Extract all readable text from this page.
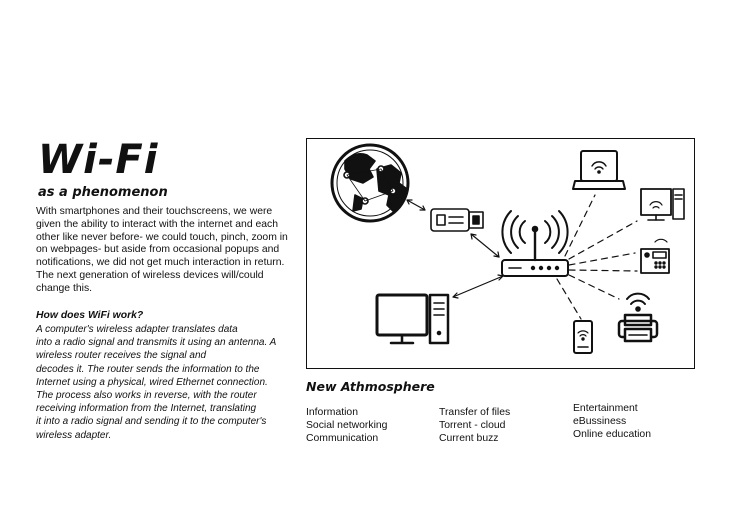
Wi-Fi
as a phenomenon

With smartphones and their touchscreens, we were given the ability to interact with the internet and each other like never before- we could touch, pinch, zoom in on webpages- but aside from occasional popups and notifications, we did not get much interaction in return. The next generation of wireless devices will/could change this.

How does WiFi work?

A computer's wireless adapter translates data
into a radio signal and transmits it using an antenna. A
wireless router receives the signal and
decodes it. The router sends the information to the
Internet using a physical, wired Ethernet connection.
The process also works in reverse, with the router
receiving information from the Internet, translating
it into a radio signal and sending it to the computer's
wireless adapter.

New Athmosphere
Information
Social networking
Communication
Transfer of files
Torrent - cloud
Current buzz
Entertainment
eBussiness
Online education
